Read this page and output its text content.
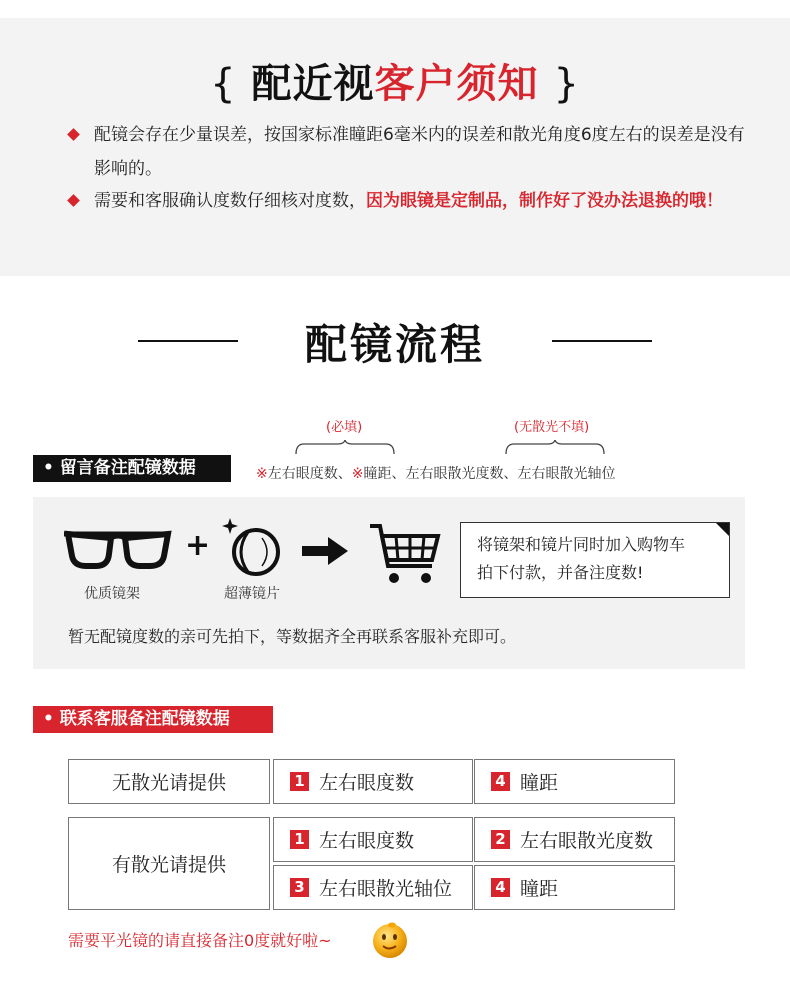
{ 配近视客户须知 }
配镜会存在少量误差，按国家标准瞳距6毫米内的误差和散光角度6度左右的误差是没有影响的。
需要和客服确认度数仔细核对度数，因为眼镜是定制品，制作好了没办法退换的哦！
配镜流程
(必填)	(无散光不填)
• 留言备注配镜数据	※左右眼度数、※瞳距、左右眼散光度数、左右眼散光轴位
优质镜架
+
超薄镜片
将镜架和镜片同时加入购物车
拍下付款，并备注度数!
暂无配镜度数的亲可先拍下，等数据齐全再联系客服补充即可。
• 联系客服备注配镜数据
无散光请提供	1 左右眼度数	4 瞳距
有散光请提供
1 左右眼度数	2 左右眼散光度数
3 左右眼散光轴位	4 瞳距
需要平光镜的请直接备注0度就好啦~
